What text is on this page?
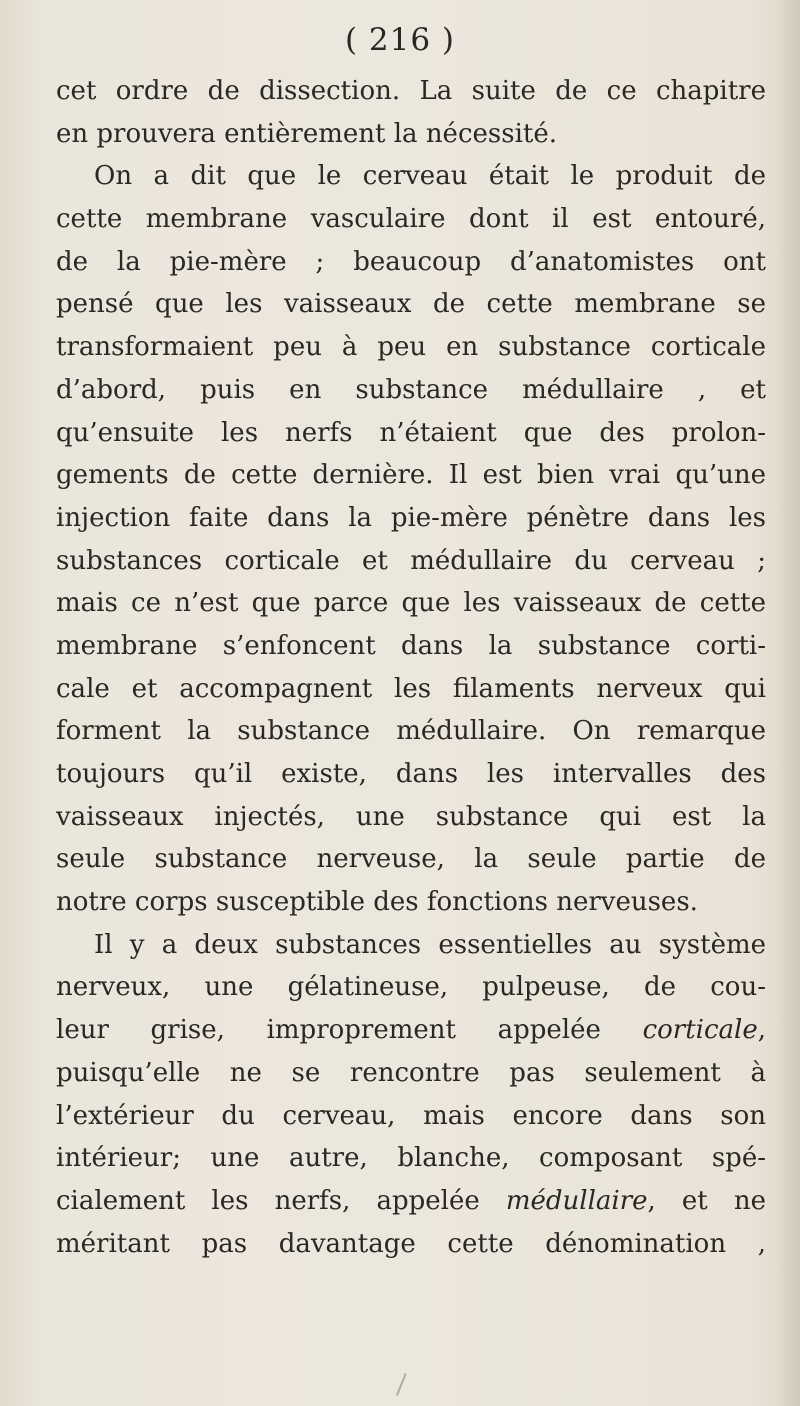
( 216 )
cet ordre de dissection. La suite de ce chapitre
en prouvera entièrement la nécessité.
On a dit que le cerveau était le produit de
cette membrane vasculaire dont il est entouré,
de la pie-mère ; beaucoup d’anatomistes ont
pensé que les vaisseaux de cette membrane se
transformaient peu à peu en substance corticale
d’abord, puis en substance médullaire , et
qu’ensuite les nerfs n’étaient que des prolon-
gements de cette dernière. Il est bien vrai qu’une
injection faite dans la pie-mère pénètre dans les
substances corticale et médullaire du cerveau ;
mais ce n’est que parce que les vaisseaux de cette
membrane s’enfoncent dans la substance corti-
cale et accompagnent les filaments nerveux qui
forment la substance médullaire. On remarque
toujours qu’il existe, dans les intervalles des
vaisseaux injectés, une substance qui est la
seule substance nerveuse, la seule partie de
notre corps susceptible des fonctions nerveuses.
Il y a deux substances essentielles au système
nerveux, une gélatineuse, pulpeuse, de cou-
leur grise, improprement appelée corticale,
puisqu’elle ne se rencontre pas seulement à
l’extérieur du cerveau, mais encore dans son
intérieur; une autre, blanche, composant spé-
cialement les nerfs, appelée médullaire, et ne
méritant pas davantage cette dénomination ,
